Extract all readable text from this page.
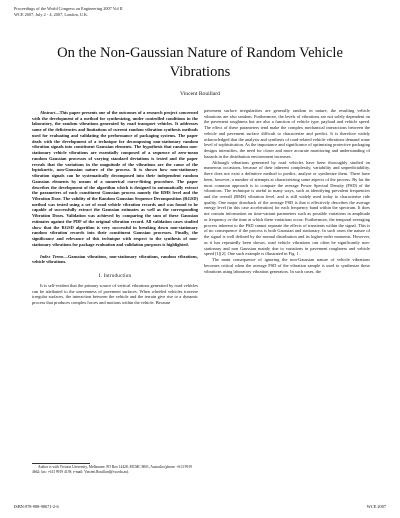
Proceedings of the World Congress on Engineering 2007 Vol II
WCE 2007, July 2 - 4, 2007, London, U.K.
On the Non-Gaussian Nature of Random Vehicle
Vibrations
Vincent Rouillard

Abstract—This paper presents one of the outcomes of a research project concerned with the development of a method for synthesizing, under controlled conditions in the laboratory, the random vibrations generated by road transport vehicles. It addresses some of the deficiencies and limitations of current random vibration synthesis methods used for evaluating and validating the performance of packaging systems. The paper deals with the development of a technique for decomposing non-stationary random vibration signals into constituent Gaussian elements. The hypothesis that random non-stationary vehicle vibrations are essentially composed of a sequence of zero-mean random Gaussian processes of varying standard deviations is tested and the paper reveals that the variations in the magnitude of the vibrations are the cause of the leptokurtic, non-Gaussian nature of the process. It is shown how non-stationary vibration signals can be systematically decomposed into their independent random Gaussian elements by means of a numerical curve-fitting procedure. The paper describes the development of the algorithm which is designed to automatically extract the parameters of each constituent Gaussian process namely the RMS level and the Vibration Dose. The validity of the Random Gaussian Sequence Decomposition (RGSD) method was tested using a set of road vehicle vibration records and was found to be capable of successfully extract the Gaussian estimates as well as the corresponding Vibration Doses. Validation was achieved by comparing the sum of these Gaussian estimates against the PDF of the original vibration record. All validation cases studied show that the RGSD algorithm is very successful in breaking down non-stationary random vibration records into their constituent Gaussian processes. Finally, the significance and relevance of this technique with respect to the synthesis of non-stationary vibrations for package evaluation and validation purposes is highlighted.

Index Terms—Gaussian vibrations, non-stationary vibrations, random vibrations, vehicle vibrations.

I. Introduction

It is self-evident that the primary source of vertical vibrations generated by road vehicles can be attributed to the unevenness of pavement surfaces. When wheeled vehicles traverse irregular surfaces, the interaction between the vehicle and the terrain give rise to a dynamic process that produces complex forces and motions within the vehicle. Because

Author is with Victoria University, Melbourne, PO Box 14428, MCMC 8001, Australia (phone: +613 9919 4662; fax: +613 9919 4139; e-mail: Vincent.Rouillard@vu.edu.au).

pavement surface irregularities are generally random in nature, the resulting vehicle vibrations are also random. Furthermore, the levels of vibrations are not solely dependent on the pavement roughness but are also a function of vehicle type, payload and vehicle speed. The effect of these parameters tend make the complex mechanical interactions between the vehicle and pavement surface difficult to characterize and predict. It is therefore widely acknowledged that the analysis and synthesis of road-related vehicle vibrations demand some level of sophistication. As the importance and significance of optimizing protective packaging designs intensifies, the need for closer and more accurate monitoring and understanding of hazards in the distribution environment increases.

Although vibrations generated by road vehicles have been thoroughly studied on numerous occasions, because of their inherent complexity, variability and unpredictability, there does not exist a definitive method to predict, analyse or synthesize them. There have been, however, a number of attempts at characterizing some aspects of the process. By far the most common approach is to compute the average Power Spectral Density (PSD) of the vibrations. The technique is useful in many ways, such as identifying prevalent frequencies and the overall (RMS) vibration level, and is still widely used today to characterise ride quality. One major drawback of the average PSD is that it effectively describes the average energy level (in this case acceleration) for each frequency band within the spectrum. It does not contain information on time-variant parameters such as possible variations in amplitude or frequency or the time at which these variations occur. Furthermore, the temporal averaging process inherent to the PSD cannot separate the effects of transients within the signal. This is of no consequence if the process is both Gaussian and stationary. In such cases the nature of the signal is well defined by the normal distribution and its higher-order moments. However, as it has repeatedly been shown, road vehicle vibrations can often be significantly non-stationary and non Gaussian mainly due to variations in pavement roughness and vehicle speed [1][2]. One such example is illustrated in Fig. 1.

The main consequence of ignoring the non-Gaussian nature of vehicle vibrations becomes critical when the average PSD of the vibration sample is used to synthesize these vibrations using laboratory vibration generators. In such cases, the

ISBN:978-988-98671-2-6	WCE 2007
